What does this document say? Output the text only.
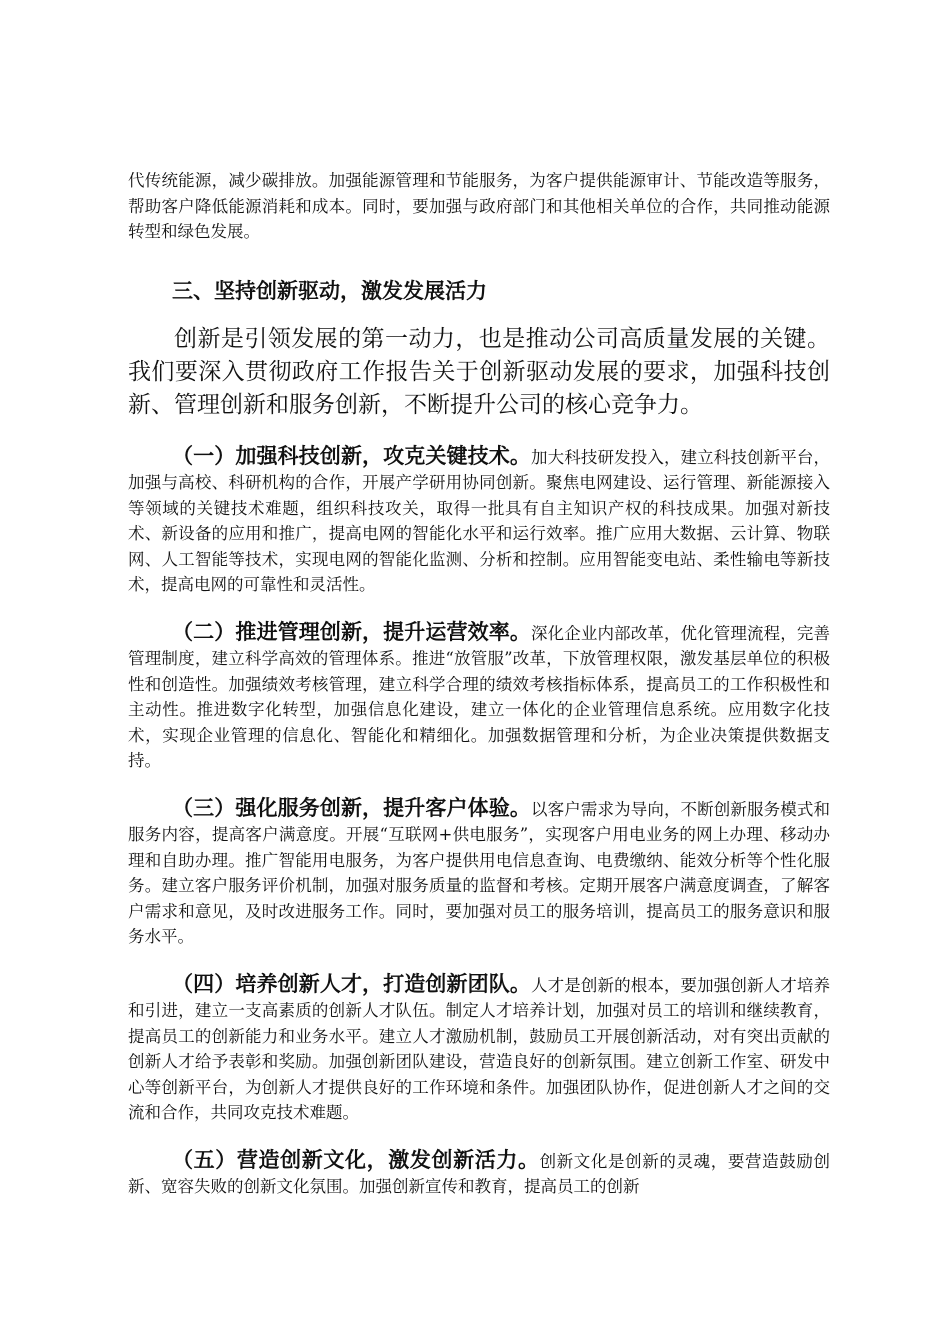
代传统能源，减少碳排放。加强能源管理和节能服务，为客户提供能源审计、节能改造等服务，帮助客户降低能源消耗和成本。同时，要加强与政府部门和其他相关单位的合作，共同推动能源转型和绿色发展。

三、坚持创新驱动，激发发展活力

创新是引领发展的第一动力，也是推动公司高质量发展的关键。我们要深入贯彻政府工作报告关于创新驱动发展的要求，加强科技创新、管理创新和服务创新，不断提升公司的核心竞争力。

（一）加强科技创新，攻克关键技术。加大科技研发投入，建立科技创新平台，加强与高校、科研机构的合作，开展产学研用协同创新。聚焦电网建设、运行管理、新能源接入等领域的关键技术难题，组织科技攻关，取得一批具有自主知识产权的科技成果。加强对新技术、新设备的应用和推广，提高电网的智能化水平和运行效率。推广应用大数据、云计算、物联网、人工智能等技术，实现电网的智能化监测、分析和控制。应用智能变电站、柔性输电等新技术，提高电网的可靠性和灵活性。

（二）推进管理创新，提升运营效率。深化企业内部改革，优化管理流程，完善管理制度，建立科学高效的管理体系。推进“放管服”改革，下放管理权限，激发基层单位的积极性和创造性。加强绩效考核管理，建立科学合理的绩效考核指标体系，提高员工的工作积极性和主动性。推进数字化转型，加强信息化建设，建立一体化的企业管理信息系统。应用数字化技术，实现企业管理的信息化、智能化和精细化。加强数据管理和分析，为企业决策提供数据支持。

（三）强化服务创新，提升客户体验。以客户需求为导向，不断创新服务模式和服务内容，提高客户满意度。开展“互联网+供电服务”，实现客户用电业务的网上办理、移动办理和自助办理。推广智能用电服务，为客户提供用电信息查询、电费缴纳、能效分析等个性化服务。建立客户服务评价机制，加强对服务质量的监督和考核。定期开展客户满意度调查，了解客户需求和意见，及时改进服务工作。同时，要加强对员工的服务培训，提高员工的服务意识和服务水平。

（四）培养创新人才，打造创新团队。人才是创新的根本，要加强创新人才培养和引进，建立一支高素质的创新人才队伍。制定人才培养计划，加强对员工的培训和继续教育，提高员工的创新能力和业务水平。建立人才激励机制，鼓励员工开展创新活动，对有突出贡献的创新人才给予表彰和奖励。加强创新团队建设，营造良好的创新氛围。建立创新工作室、研发中心等创新平台，为创新人才提供良好的工作环境和条件。加强团队协作，促进创新人才之间的交流和合作，共同攻克技术难题。

（五）营造创新文化，激发创新活力。创新文化是创新的灵魂，要营造鼓励创新、宽容失败的创新文化氛围。加强创新宣传和教育，提高员工的创新
